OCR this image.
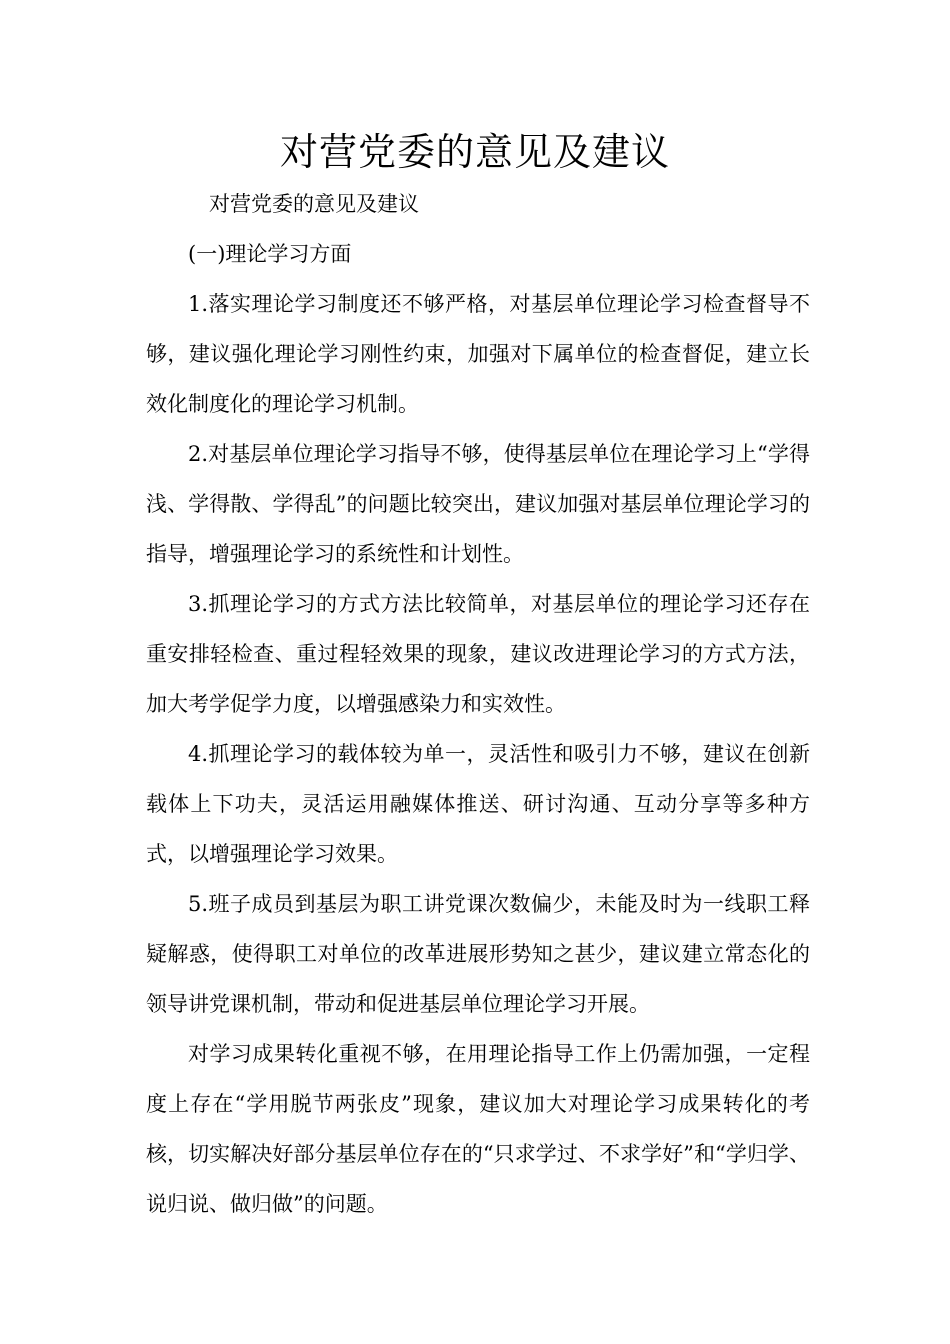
对营党委的意见及建议

对营党委的意见及建议

(一)理论学习方面

1.落实理论学习制度还不够严格，对基层单位理论学习检查督导不够，建议强化理论学习刚性约束，加强对下属单位的检查督促，建立长效化制度化的理论学习机制。

2.对基层单位理论学习指导不够，使得基层单位在理论学习上“学得浅、学得散、学得乱”的问题比较突出，建议加强对基层单位理论学习的指导，增强理论学习的系统性和计划性。

3.抓理论学习的方式方法比较简单，对基层单位的理论学习还存在重安排轻检查、重过程轻效果的现象，建议改进理论学习的方式方法，加大考学促学力度，以增强感染力和实效性。

4.抓理论学习的载体较为单一，灵活性和吸引力不够，建议在创新载体上下功夫，灵活运用融媒体推送、研讨沟通、互动分享等多种方式，以增强理论学习效果。

5.班子成员到基层为职工讲党课次数偏少，未能及时为一线职工释疑解惑，使得职工对单位的改革进展形势知之甚少，建议建立常态化的领导讲党课机制，带动和促进基层单位理论学习开展。

对学习成果转化重视不够，在用理论指导工作上仍需加强，一定程度上存在“学用脱节两张皮”现象，建议加大对理论学习成果转化的考核，切实解决好部分基层单位存在的“只求学过、不求学好”和“学归学、说归说、做归做”的问题。
